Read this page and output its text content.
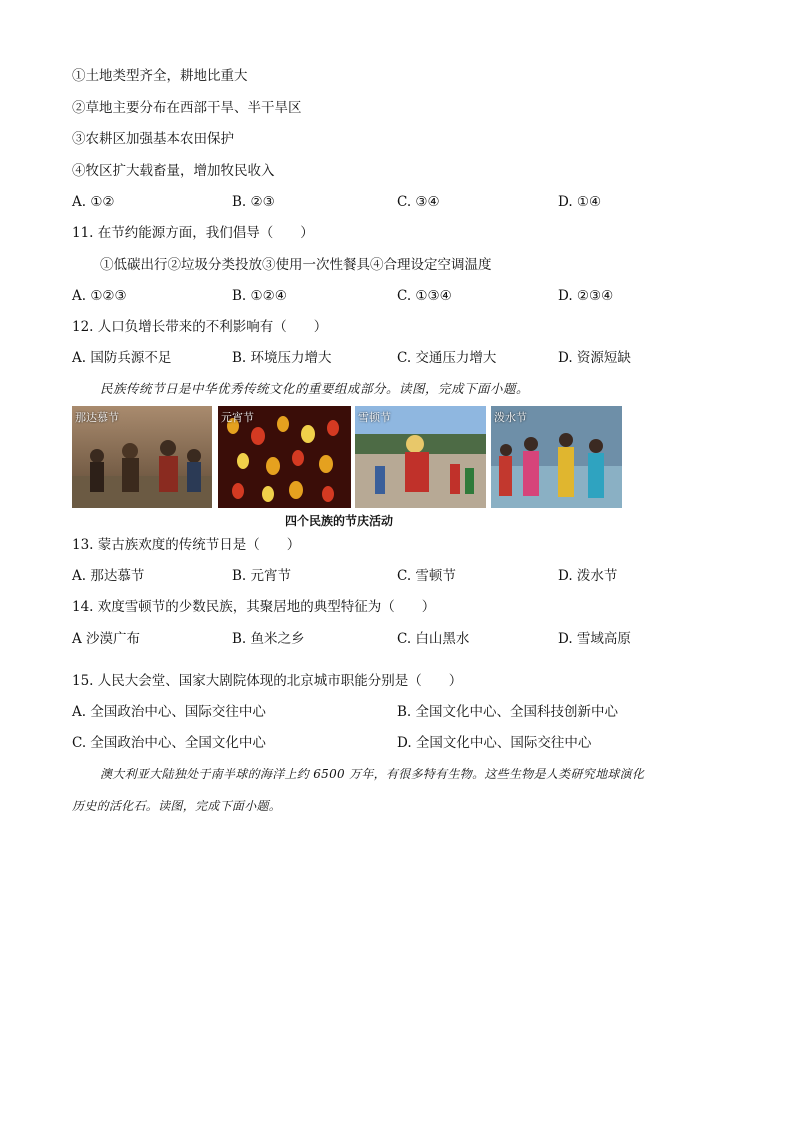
①土地类型齐全，耕地比重大
②草地主要分布在西部干旱、半干旱区
③农耕区加强基本农田保护
④牧区扩大载畜量，增加牧民收入
A. ①②	B. ②③	C. ③④	D. ①④
11. 在节约能源方面，我们倡导（　　）
①低碳出行②垃圾分类投放③使用一次性餐具④合理设定空调温度
A. ①②③	B. ①②④	C. ①③④	D. ②③④
12. 人口负增长带来的不利影响有（　　）
A. 国防兵源不足	B. 环境压力增大	C. 交通压力增大	D. 资源短缺
民族传统节日是中华优秀传统文化的重要组成部分。读图，完成下面小题。
那达慕节	元宵节	雪顿节	泼水节
四个民族的节庆活动
13. 蒙古族欢度的传统节日是（　　）
A. 那达慕节	B. 元宵节	C. 雪顿节	D. 泼水节
14. 欢度雪顿节的少数民族，其聚居地的典型特征为（　　）
A 沙漠广布	B. 鱼米之乡	C. 白山黑水	D. 雪域高原
15. 人民大会堂、国家大剧院体现的北京城市职能分别是（　　）
A. 全国政治中心、国际交往中心	B. 全国文化中心、全国科技创新中心
C. 全国政治中心、全国文化中心	D. 全国文化中心、国际交往中心
澳大利亚大陆独处于南半球的海洋上约 6500 万年，有很多特有生物。这些生物是人类研究地球演化
历史的活化石。读图，完成下面小题。
